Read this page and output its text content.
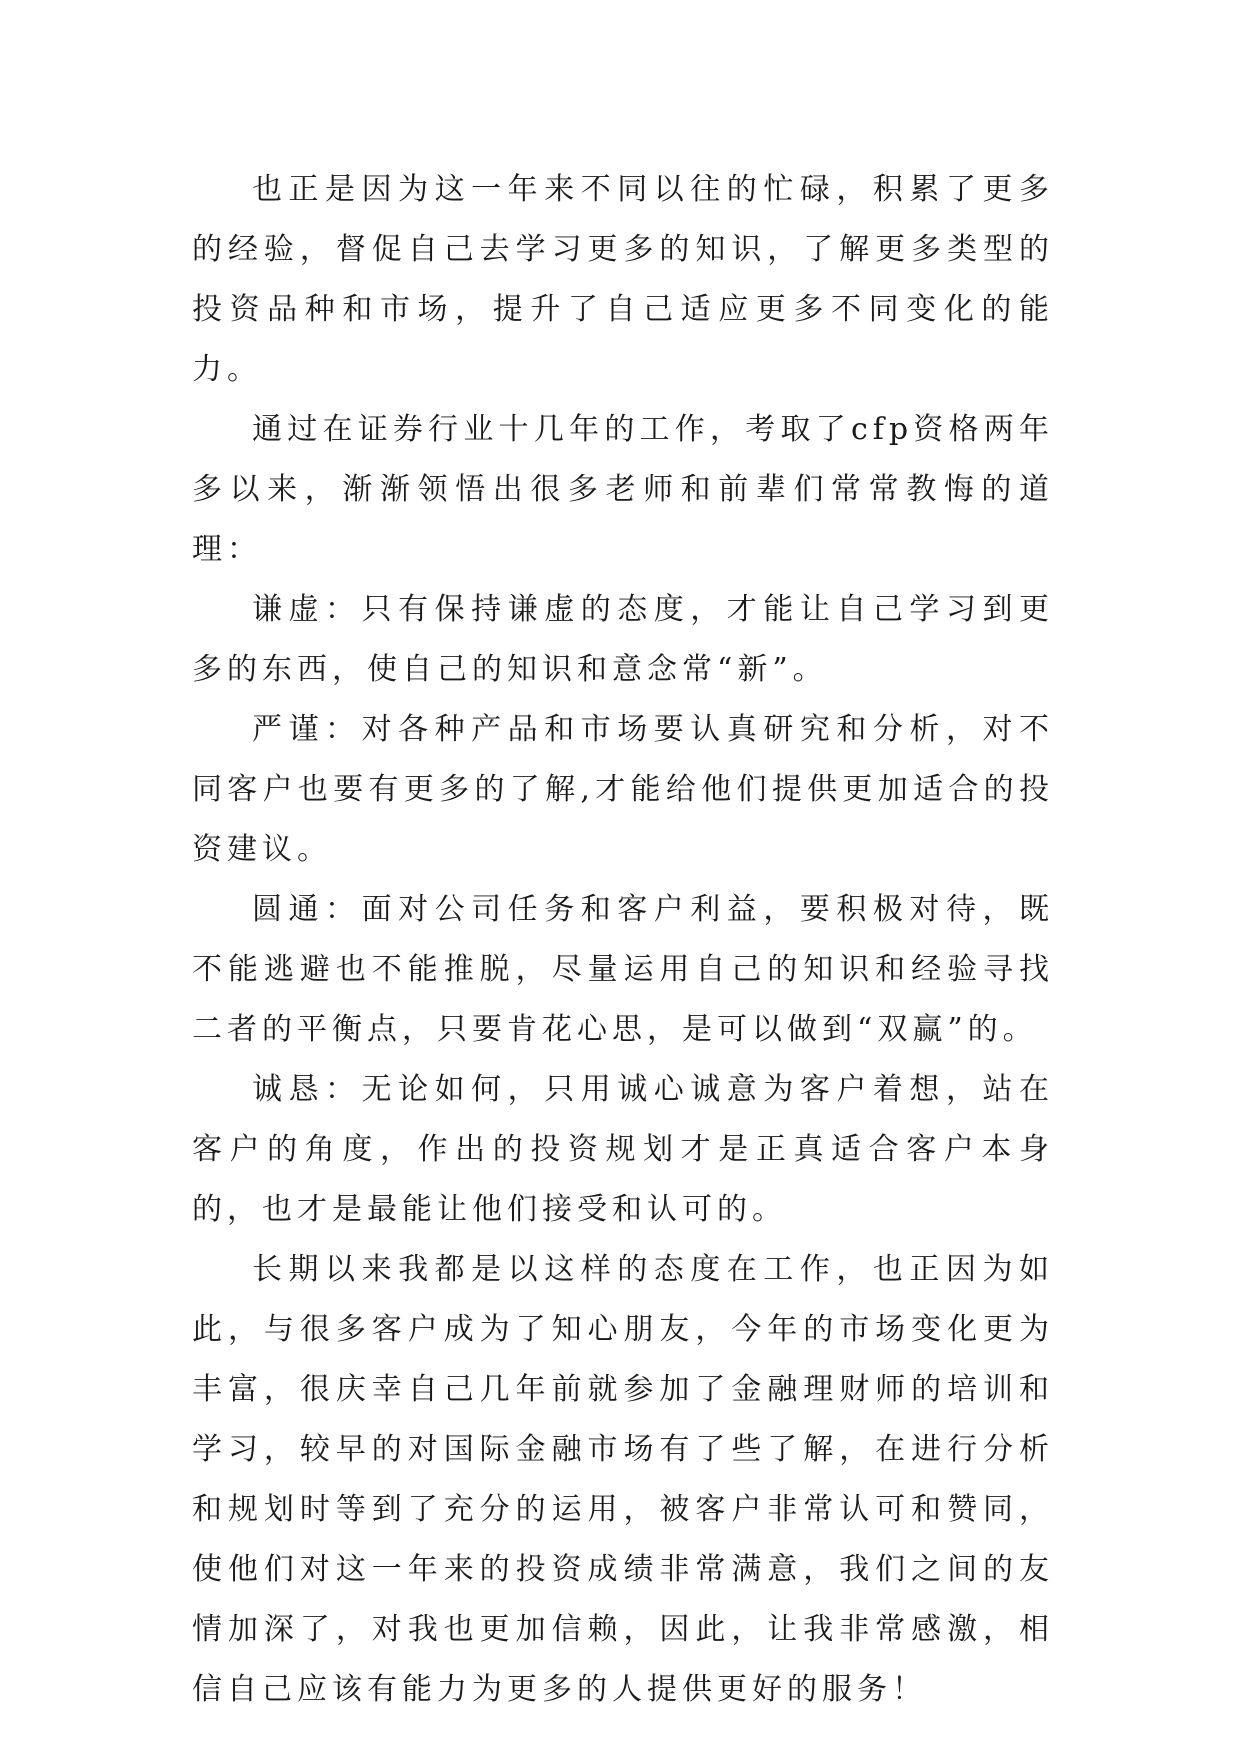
也正是因为这一年来不同以往的忙碌，积累了更多的经验，督促自己去学习更多的知识，了解更多类型的投资品种和市场，提升了自己适应更多不同变化的能力。

通过在证券行业十几年的工作，考取了cfp资格两年多以来，渐渐领悟出很多老师和前辈们常常教悔的道理：

谦虚：只有保持谦虚的态度，才能让自己学习到更多的东西，使自己的知识和意念常“新”。

严谨：对各种产品和市场要认真研究和分析，对不同客户也要有更多的了解,才能给他们提供更加适合的投资建议。

圆通：面对公司任务和客户利益，要积极对待，既不能逃避也不能推脱，尽量运用自己的知识和经验寻找二者的平衡点，只要肯花心思，是可以做到“双赢”的。

诚恳：无论如何，只用诚心诚意为客户着想，站在客户的角度，作出的投资规划才是正真适合客户本身的，也才是最能让他们接受和认可的。

长期以来我都是以这样的态度在工作，也正因为如此，与很多客户成为了知心朋友，今年的市场变化更为丰富，很庆幸自己几年前就参加了金融理财师的培训和学习，较早的对国际金融市场有了些了解，在进行分析和规划时等到了充分的运用，被客户非常认可和赞同，使他们对这一年来的投资成绩非常满意，我们之间的友情加深了，对我也更加信赖，因此，让我非常感激，相信自己应该有能力为更多的人提供更好的服务！
